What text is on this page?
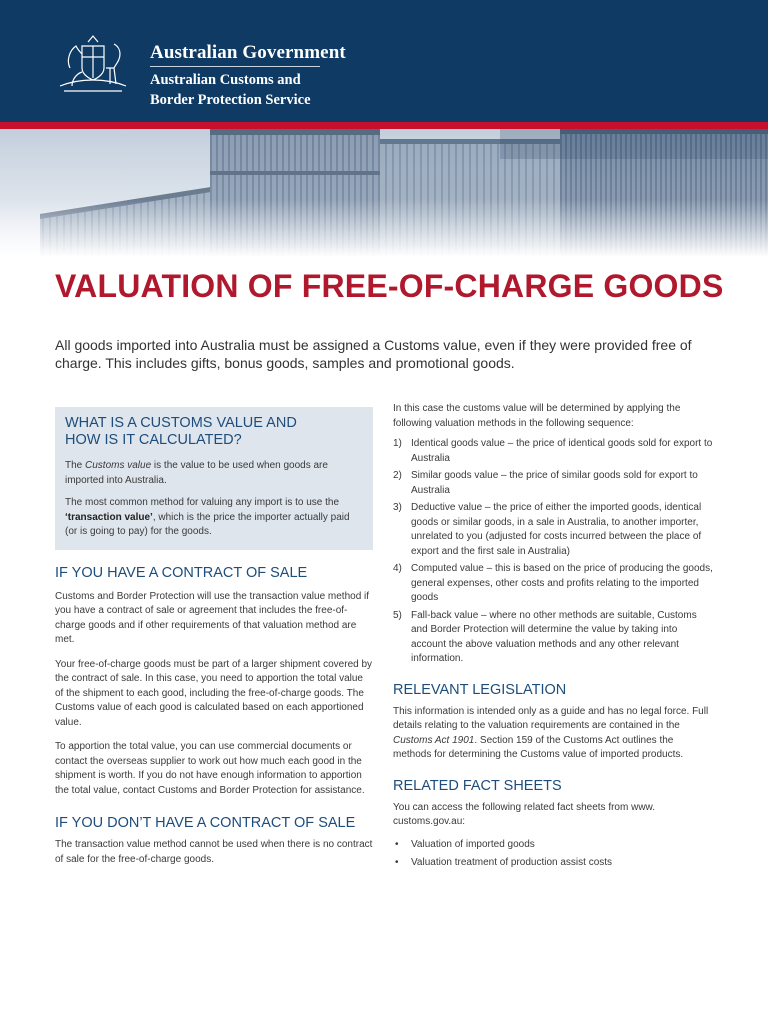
Australian Government
Australian Customs and
Border Protection Service
VALUATION OF FREE-OF-CHARGE GOODS

All goods imported into Australia must be assigned a Customs value, even if they were provided free of charge. This includes gifts, bonus goods, samples and promotional goods.

WHAT IS A CUSTOMS VALUE AND
HOW IS IT CALCULATED?

The Customs value is the value to be used when goods are imported into Australia.

The most common method for valuing any import is to use the ‘transaction value’, which is the price the importer actually paid (or is going to pay) for the goods.

IF YOU HAVE A CONTRACT OF SALE

Customs and Border Protection will use the transaction value method if you have a contract of sale or agreement that includes the free-of-charge goods and if other requirements of that valuation method are met.

Your free-of-charge goods must be part of a larger shipment covered by the contract of sale. In this case, you need to apportion the total value of the shipment to each good, including the free-of-charge goods. The Customs value of each good is calculated based on each apportioned value.

To apportion the total value, you can use commercial documents or contact the overseas supplier to work out how much each good in the shipment is worth. If you do not have enough information to apportion the total value, contact Customs and Border Protection for assistance.

IF YOU DON’T HAVE A CONTRACT OF SALE

The transaction value method cannot be used when there is no contract of sale for the free-of-charge goods.

In this case the customs value will be determined by applying the following valuation methods in the following sequence:

1) Identical goods value – the price of identical goods sold for export to Australia
2) Similar goods value – the price of similar goods sold for export to Australia
3) Deductive value – the price of either the imported goods, identical goods or similar goods, in a sale in Australia, to another importer, unrelated to you (adjusted for costs incurred between the place of export and the first sale in Australia)
4) Computed value – this is based on the price of producing the goods, general expenses, other costs and profits relating to the imported goods
5) Fall-back value – where no other methods are suitable, Customs and Border Protection will determine the value by taking into account the above valuation methods and any other relevant information.
RELEVANT LEGISLATION

This information is intended only as a guide and has no legal force. Full details relating to the valuation requirements are contained in the Customs Act 1901. Section 159 of the Customs Act outlines the methods for determining the Customs value of imported products.

RELATED FACT SHEETS

You can access the following related fact sheets from www. customs.gov.au:

• Valuation of imported goods
• Valuation treatment of production assist costs
